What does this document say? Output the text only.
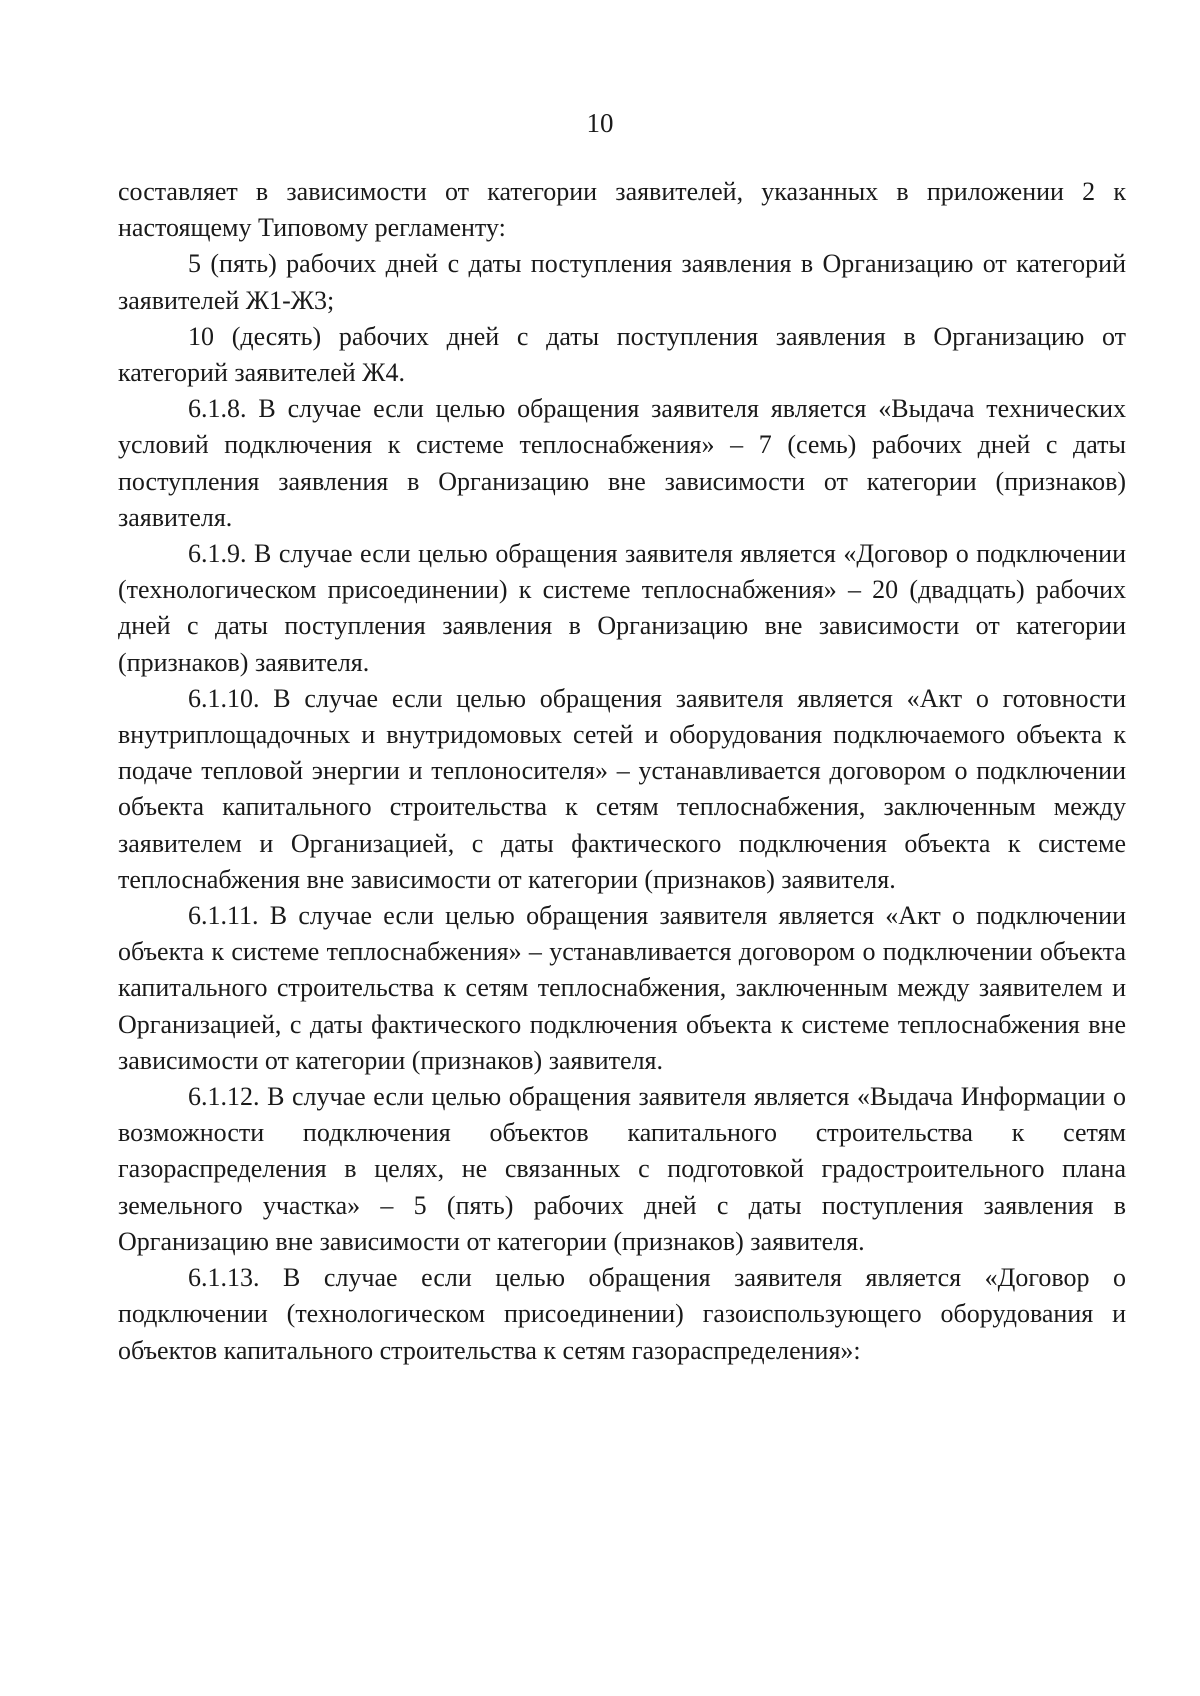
10

составляет в зависимости от категории заявителей, указанных в приложении 2 к настоящему Типовому регламенту:

5 (пять) рабочих дней с даты поступления заявления в Организацию от категорий заявителей Ж1-Ж3;

10 (десять) рабочих дней с даты поступления заявления в Организацию от категорий заявителей Ж4.

6.1.8. В случае если целью обращения заявителя является «Выдача технических условий подключения к системе теплоснабжения» – 7 (семь) рабочих дней с даты поступления заявления в Организацию вне зависимости от категории (признаков) заявителя.

6.1.9. В случае если целью обращения заявителя является «Договор о подключении (технологическом присоединении) к системе теплоснабжения» – 20 (двадцать) рабочих дней с даты поступления заявления в Организацию вне зависимости от категории (признаков) заявителя.

6.1.10. В случае если целью обращения заявителя является «Акт о готовности внутриплощадочных и внутридомовых сетей и оборудования подключаемого объекта к подаче тепловой энергии и теплоносителя» – устанавливается договором о подключении объекта капитального строительства к сетям теплоснабжения, заключенным между заявителем и Организацией, с даты фактического подключения объекта к системе теплоснабжения вне зависимости от категории (признаков) заявителя.

6.1.11. В случае если целью обращения заявителя является «Акт о подключении объекта к системе теплоснабжения» – устанавливается договором о подключении объекта капитального строительства к сетям теплоснабжения, заключенным между заявителем и Организацией, с даты фактического подключения объекта к системе теплоснабжения вне зависимости от категории (признаков) заявителя.

6.1.12. В случае если целью обращения заявителя является «Выдача Информации о возможности подключения объектов капитального строительства к сетям газораспределения в целях, не связанных с подготовкой градостроительного плана земельного участка» – 5 (пять) рабочих дней с даты поступления заявления в Организацию вне зависимости от категории (признаков) заявителя.

6.1.13. В случае если целью обращения заявителя является «Договор о подключении (технологическом присоединении) газоиспользующего оборудования и объектов капитального строительства к сетям газораспределения»:
